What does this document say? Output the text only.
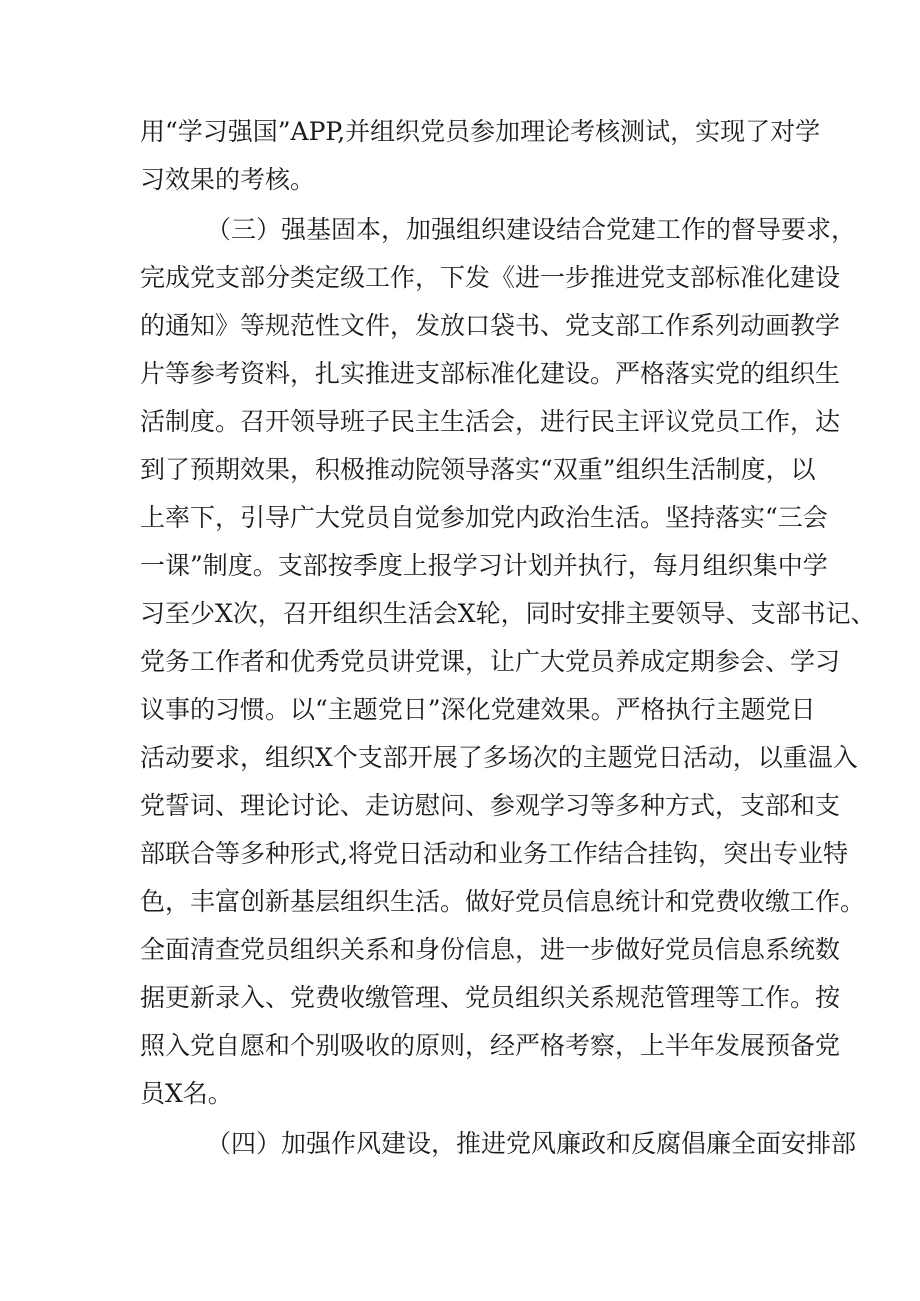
用“学习强国”APP,并组织党员参加理论考核测试，实现了对学
习效果的考核。
（三）强基固本，加强组织建设结合党建工作的督导要求，
完成党支部分类定级工作，下发《进一步推进党支部标准化建设
的通知》等规范性文件，发放口袋书、党支部工作系列动画教学
片等参考资料，扎实推进支部标准化建设。严格落实党的组织生
活制度。召开领导班子民主生活会，进行民主评议党员工作，达
到了预期效果，积极推动院领导落实“双重”组织生活制度，以
上率下，引导广大党员自觉参加党内政治生活。坚持落实“三会
一课”制度。支部按季度上报学习计划并执行，每月组织集中学
习至少X次，召开组织生活会X轮，同时安排主要领导、支部书记、
党务工作者和优秀党员讲党课，让广大党员养成定期参会、学习
议事的习惯。以“主题党日”深化党建效果。严格执行主题党日
活动要求，组织X个支部开展了多场次的主题党日活动，以重温入
党誓词、理论讨论、走访慰问、参观学习等多种方式，支部和支
部联合等多种形式,将党日活动和业务工作结合挂钩，突出专业特
色，丰富创新基层组织生活。做好党员信息统计和党费收缴工作。
全面清查党员组织关系和身份信息，进一步做好党员信息系统数
据更新录入、党费收缴管理、党员组织关系规范管理等工作。按
照入党自愿和个别吸收的原则，经严格考察，上半年发展预备党
员X名。
（四）加强作风建设，推进党风廉政和反腐倡廉全面安排部
